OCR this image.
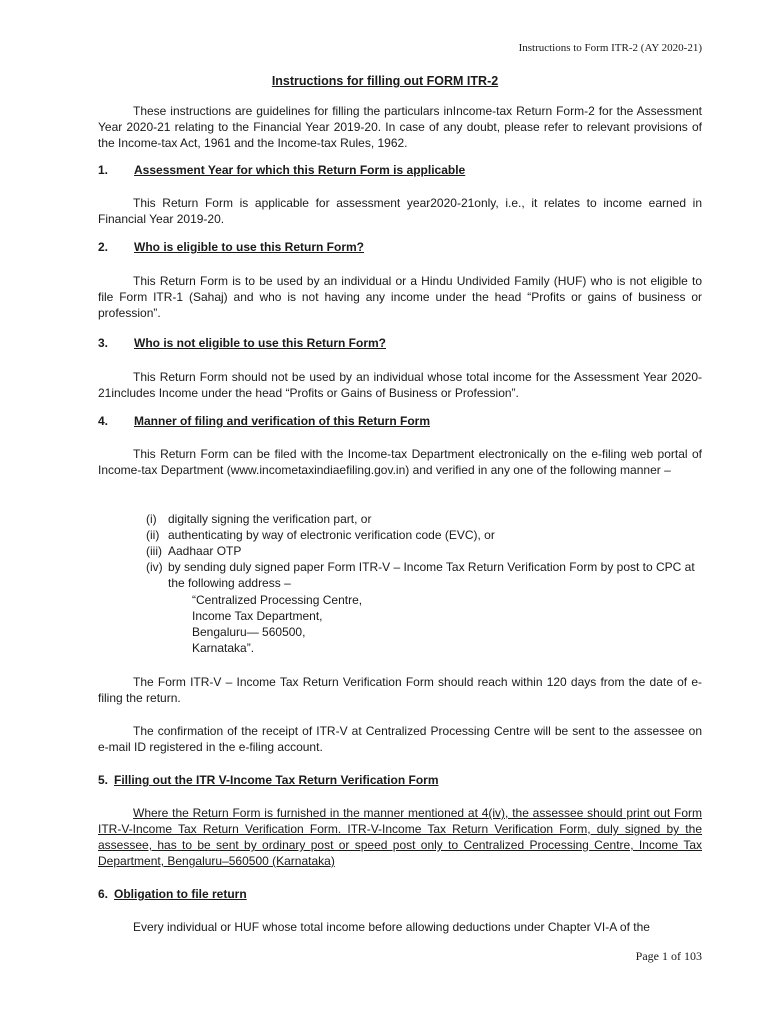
Instructions to Form ITR-2 (AY 2020-21)
Instructions for filling out FORM ITR-2

These instructions are guidelines for filling the particulars inIncome-tax Return Form-2 for the Assessment Year 2020-21 relating to the Financial Year 2019-20. In case of any doubt, please refer to relevant provisions of the Income-tax Act, 1961 and the Income-tax Rules, 1962.

1. Assessment Year for which this Return Form is applicable

This Return Form is applicable for assessment year2020-21only, i.e., it relates to income earned in Financial Year 2019-20.

2. Who is eligible to use this Return Form?

This Return Form is to be used by an individual or a Hindu Undivided Family (HUF) who is not eligible to file Form ITR-1 (Sahaj) and who is not having any income under the head “Profits or gains of business or profession”.

3. Who is not eligible to use this Return Form?

This Return Form should not be used by an individual whose total income for the Assessment Year 2020-21includes Income under the head “Profits or Gains of Business or Profession”.

4. Manner of filing and verification of this Return Form

This Return Form can be filed with the Income-tax Department electronically on the e-filing web portal of Income-tax Department (www.incometaxindiaefiling.gov.in) and verified in any one of the following manner –

(i) digitally signing the verification part, or
(ii) authenticating by way of electronic verification code (EVC), or
(iii) Aadhaar OTP
(iv) by sending duly signed paper Form ITR-V – Income Tax Return Verification Form by post to CPC at the following address –
“Centralized Processing Centre,
Income Tax Department,
Bengaluru— 560500,
Karnataka”.

The Form ITR-V – Income Tax Return Verification Form should reach within 120 days from the date of e-filing the return.

The confirmation of the receipt of ITR-V at Centralized Processing Centre will be sent to the assessee on e-mail ID registered in the e-filing account.

5. Filling out the ITR V-Income Tax Return Verification Form

Where the Return Form is furnished in the manner mentioned at 4(iv), the assessee should print out Form ITR-V-Income Tax Return Verification Form. ITR-V-Income Tax Return Verification Form, duly signed by the assessee, has to be sent by ordinary post or speed post only to Centralized Processing Centre, Income Tax Department, Bengaluru–560500 (Karnataka)

6. Obligation to file return

Every individual or HUF whose total income before allowing deductions under Chapter VI-A of the

Page 1 of 103
